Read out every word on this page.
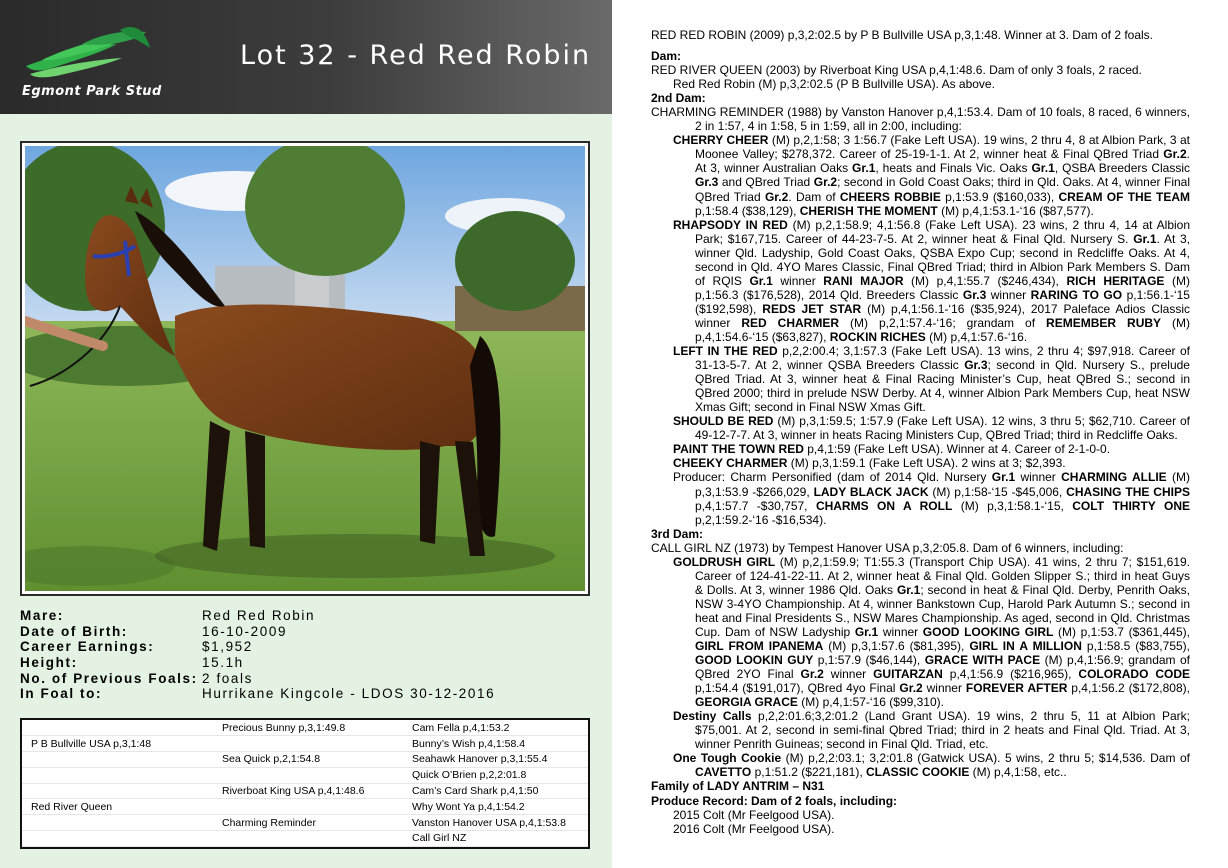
Egmont Park Stud
Lot 32 - Red Red Robin
Mare:	Red Red Robin
Date of Birth:	16-10-2009
Career Earnings:	$1,952
Height:	15.1h
No. of Previous Foals: 2 foals
In Foal to:	Hurrikane Kingcole - LDOS 30-12-2016
	Precious Bunny p,3,1:49.8	Cam Fella p,4,1:53.2
P B Bullville USA p,3,1:48		Bunny’s Wish p,4,1:58.4
	Sea Quick p,2,1:54.8	Seahawk Hanover p,3,1:55.4
		Quick O’Brien p,2,2:01.8
	Riverboat King USA p,4,1:48.6	Cam’s Card Shark p,4,1:50
Red River Queen		Why Wont Ya p,4,1:54.2
	Charming Reminder	Vanston Hanover USA p,4,1:53.8
		Call Girl NZ

RED RED ROBIN (2009) p,3,2:02.5 by P B Bullville USA p,3,1:48. Winner at 3. Dam of 2 foals.

Dam:

RED RIVER QUEEN (2003) by Riverboat King USA p,4,1:48.6. Dam of only 3 foals, 2 raced.

Red Red Robin (M) p,3,2:02.5 (P B Bullville USA). As above.

2nd Dam:

CHARMING REMINDER (1988) by Vanston Hanover p,4,1:53.4. Dam of 10 foals, 8 raced, 6 winners, 2 in 1:57, 4 in 1:58, 5 in 1:59, all in 2:00, including:

CHERRY CHEER (M) p,2,1:58; 3 1:56.7 (Fake Left USA). 19 wins, 2 thru 4, 8 at Albion Park, 3 at Moonee Valley; $278,372. Career of 25-19-1-1. At 2, winner heat & Final QBred Triad Gr.2. At 3, winner Australian Oaks Gr.1, heats and Finals Vic. Oaks Gr.1, QSBA Breeders Classic Gr.3 and QBred Triad Gr.2; second in Gold Coast Oaks; third in Qld. Oaks. At 4, winner Final QBred Triad Gr.2. Dam of CHEERS ROBBIE p,1:53.9 ($160,033), CREAM OF THE TEAM p,1:58.4 ($38,129), CHERISH THE MOMENT (M) p,4,1:53.1-‘16 ($87,577).

RHAPSODY IN RED (M) p,2,1:58.9; 4,1:56.8 (Fake Left USA). 23 wins, 2 thru 4, 14 at Albion Park; $167,715. Career of 44-23-7-5. At 2, winner heat & Final Qld. Nursery S. Gr.1. At 3, winner Qld. Ladyship, Gold Coast Oaks, QSBA Expo Cup; second in Redcliffe Oaks. At 4, second in Qld. 4YO Mares Classic, Final QBred Triad; third in Albion Park Members S. Dam of RQIS Gr.1 winner RANI MAJOR (M) p,4,1:55.7 ($246,434), RICH HERITAGE (M) p,1:56.3 ($176,528), 2014 Qld. Breeders Classic Gr.3 winner RARING TO GO p,1:56.1-‘15 ($192,598), REDS JET STAR (M) p,4,1:56.1-‘16 ($35,924), 2017 Paleface Adios Classic winner RED CHARMER (M) p,2,1:57.4-‘16; grandam of REMEMBER RUBY (M) p,4,1:54.6-‘15 ($63,827), ROCKIN RICHES (M) p,4,1:57.6-‘16.

LEFT IN THE RED p,2,2:00.4; 3,1:57.3 (Fake Left USA). 13 wins, 2 thru 4; $97,918. Career of 31-13-5-7. At 2, winner QSBA Breeders Classic Gr.3; second in Qld. Nursery S., prelude QBred Triad. At 3, winner heat & Final Racing Minister’s Cup, heat QBred S.; second in QBred 2000; third in prelude NSW Derby. At 4, winner Albion Park Members Cup, heat NSW Xmas Gift; second in Final NSW Xmas Gift.

SHOULD BE RED (M) p,3,1:59.5; 1:57.9 (Fake Left USA). 12 wins, 3 thru 5; $62,710. Career of 49-12-7-7. At 3, winner in heats Racing Ministers Cup, QBred Triad; third in Redcliffe Oaks.

PAINT THE TOWN RED p,4,1:59 (Fake Left USA). Winner at 4. Career of 2-1-0-0.

CHEEKY CHARMER (M) p,3,1:59.1 (Fake Left USA). 2 wins at 3; $2,393.

Producer: Charm Personified (dam of 2014 Qld. Nursery Gr.1 winner CHARMING ALLIE (M) p,3,1:53.9 -$266,029, LADY BLACK JACK (M) p,1:58-‘15 -$45,006, CHASING THE CHIPS p,4,1:57.7 -$30,757, CHARMS ON A ROLL (M) p,3,1:58.1-‘15, COLT THIRTY ONE p,2,1:59.2-‘16 -$16,534).

3rd Dam:

CALL GIRL NZ (1973) by Tempest Hanover USA p,3,2:05.8. Dam of 6 winners, including:

GOLDRUSH GIRL (M) p,2,1:59.9; T1:55.3 (Transport Chip USA). 41 wins, 2 thru 7; $151,619. Career of 124-41-22-11. At 2, winner heat & Final Qld. Golden Slipper S.; third in heat Guys & Dolls. At 3, winner 1986 Qld. Oaks Gr.1; second in heat & Final Qld. Derby, Penrith Oaks, NSW 3-4YO Championship. At 4, winner Bankstown Cup, Harold Park Autumn S.; second in heat and Final Presidents S., NSW Mares Championship. As aged, second in Qld. Christmas Cup. Dam of NSW Ladyship Gr.1 winner GOOD LOOKING GIRL (M) p,1:53.7 ($361,445), GIRL FROM IPANEMA (M) p,3,1:57.6 ($81,395), GIRL IN A MILLION p,1:58.5 ($83,755), GOOD LOOKIN GUY p,1:57.9 ($46,144), GRACE WITH PACE (M) p,4,1:56.9; grandam of QBred 2YO Final Gr.2 winner GUITARZAN p,4,1:56.9 ($216,965), COLORADO CODE p,1:54.4 ($191,017), QBred 4yo Final Gr.2 winner FOREVER AFTER p,4,1:56.2 ($172,808), GEORGIA GRACE (M) p,4,1:57-‘16 ($99,310).

Destiny Calls p,2,2:01.6;3,2:01.2 (Land Grant USA). 19 wins, 2 thru 5, 11 at Albion Park; $75,001. At 2, second in semi-final Qbred Triad; third in 2 heats and Final Qld. Triad. At 3, winner Penrith Guineas; second in Final Qld. Triad, etc.

One Tough Cookie (M) p,2,2:03.1; 3,2:01.8 (Gatwick USA). 5 wins, 2 thru 5; $14,536. Dam of CAVETTO p,1:51.2 ($221,181), CLASSIC COOKIE (M) p,4,1:58, etc..

Family of LADY ANTRIM – N31

Produce Record: Dam of 2 foals, including:

2015 Colt (Mr Feelgood USA).

2016 Colt (Mr Feelgood USA).
